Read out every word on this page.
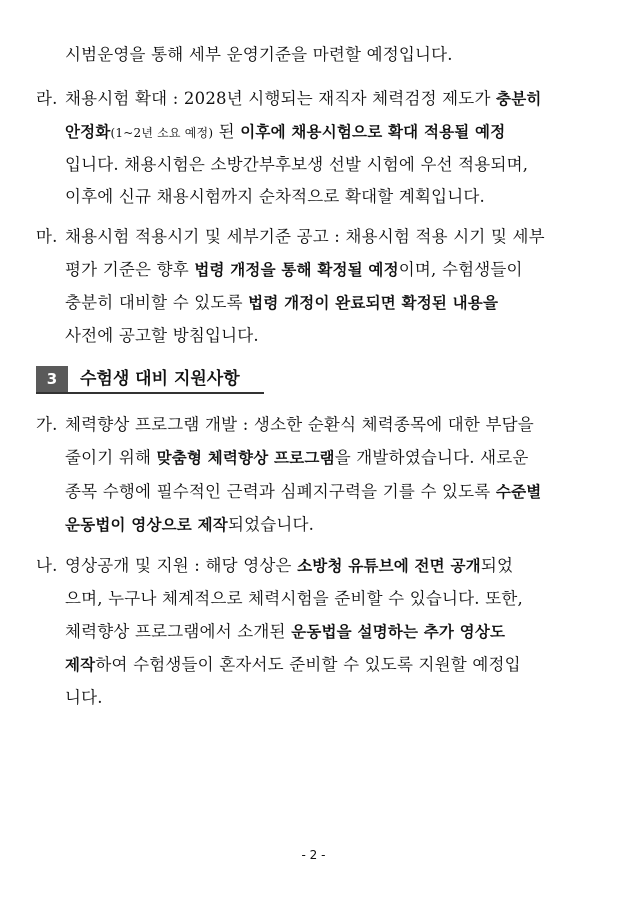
시범운영을 통해 세부 운영기준을 마련할 예정입니다.
라. 채용시험 확대 : 2028년 시행되는 재직자 체력검정 제도가 충분히
안정화(1~2년 소요 예정) 된 이후에 채용시험으로 확대 적용될 예정
입니다. 채용시험은 소방간부후보생 선발 시험에 우선 적용되며,
이후에 신규 채용시험까지 순차적으로 확대할 계획입니다.
마. 채용시험 적용시기 및 세부기준 공고 : 채용시험 적용 시기 및 세부
평가 기준은 향후 법령 개정을 통해 확정될 예정이며, 수험생들이
충분히 대비할 수 있도록 법령 개정이 완료되면 확정된 내용을
사전에 공고할 방침입니다.
3	수험생 대비 지원사항
가. 체력향상 프로그램 개발 : 생소한 순환식 체력종목에 대한 부담을
줄이기 위해 맞춤형 체력향상 프로그램을 개발하였습니다. 새로운
종목 수행에 필수적인 근력과 심폐지구력을 기를 수 있도록 수준별
운동법이 영상으로 제작되었습니다.
나. 영상공개 및 지원 : 해당 영상은 소방청 유튜브에 전면 공개되었
으며, 누구나 체계적으로 체력시험을 준비할 수 있습니다. 또한,
체력향상 프로그램에서 소개된 운동법을 설명하는 추가 영상도
제작하여 수험생들이 혼자서도 준비할 수 있도록 지원할 예정입
니다.
- 2 -
